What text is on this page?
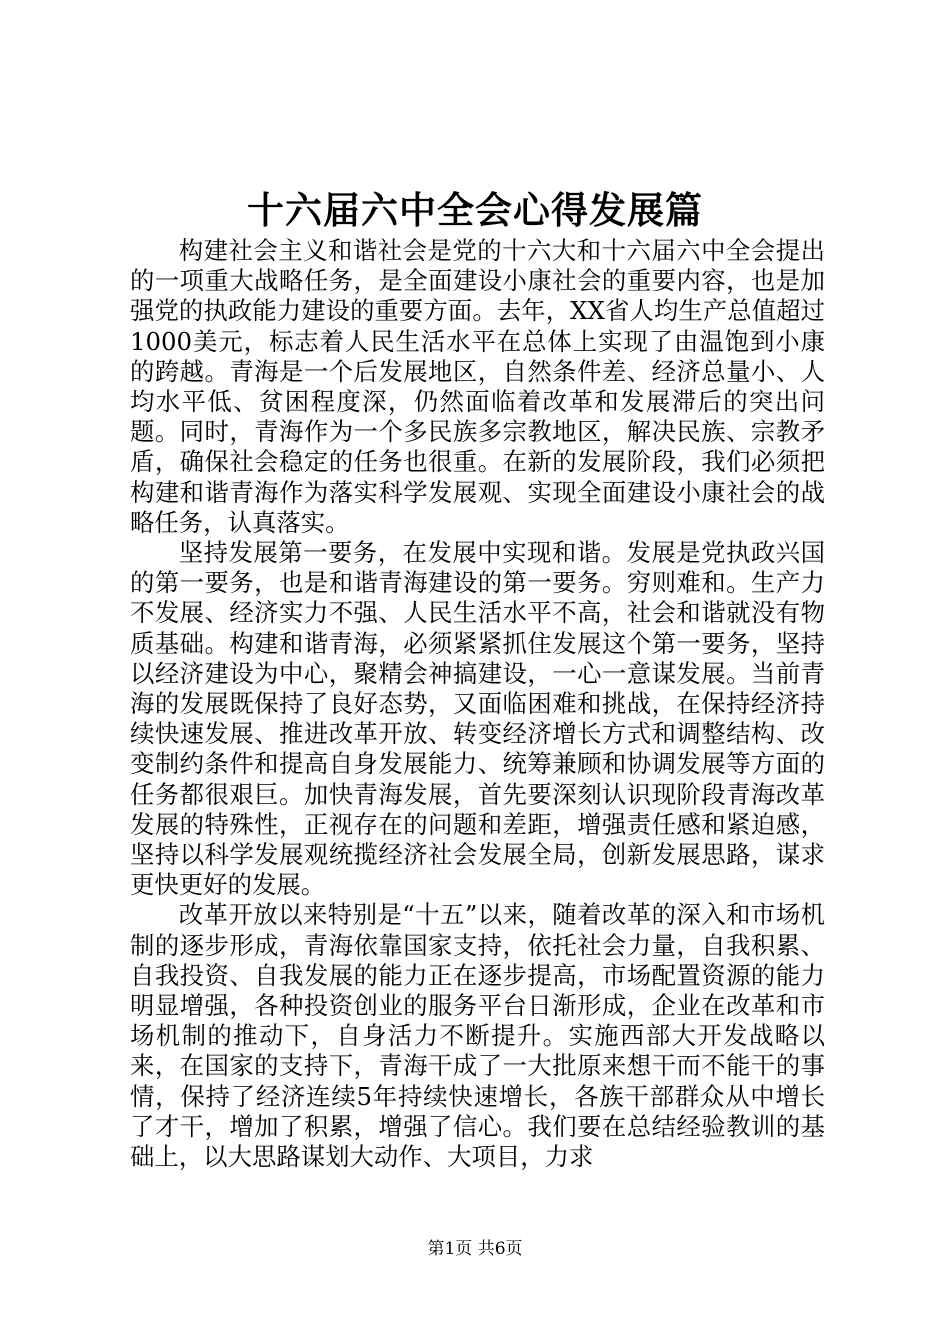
十六届六中全会心得发展篇

构建社会主义和谐社会是党的十六大和十六届六中全会提出的一项重大战略任务，是全面建设小康社会的重要内容，也是加强党的执政能力建设的重要方面。去年，XX省人均生产总值超过1000美元，标志着人民生活水平在总体上实现了由温饱到小康的跨越。青海是一个后发展地区，自然条件差、经济总量小、人均水平低、贫困程度深，仍然面临着改革和发展滞后的突出问题。同时，青海作为一个多民族多宗教地区，解决民族、宗教矛盾，确保社会稳定的任务也很重。在新的发展阶段，我们必须把构建和谐青海作为落实科学发展观、实现全面建设小康社会的战略任务，认真落实。

坚持发展第一要务，在发展中实现和谐。发展是党执政兴国的第一要务，也是和谐青海建设的第一要务。穷则难和。生产力不发展、经济实力不强、人民生活水平不高，社会和谐就没有物质基础。构建和谐青海，必须紧紧抓住发展这个第一要务，坚持以经济建设为中心，聚精会神搞建设，一心一意谋发展。当前青海的发展既保持了良好态势，又面临困难和挑战，在保持经济持续快速发展、推进改革开放、转变经济增长方式和调整结构、改变制约条件和提高自身发展能力、统筹兼顾和协调发展等方面的任务都很艰巨。加快青海发展，首先要深刻认识现阶段青海改革发展的特殊性，正视存在的问题和差距，增强责任感和紧迫感，坚持以科学发展观统揽经济社会发展全局，创新发展思路，谋求更快更好的发展。

改革开放以来特别是“十五”以来，随着改革的深入和市场机制的逐步形成，青海依靠国家支持，依托社会力量，自我积累、自我投资、自我发展的能力正在逐步提高，市场配置资源的能力明显增强，各种投资创业的服务平台日渐形成，企业在改革和市场机制的推动下，自身活力不断提升。实施西部大开发战略以来，在国家的支持下，青海干成了一大批原来想干而不能干的事情，保持了经济连续5年持续快速增长，各族干部群众从中增长了才干，增加了积累，增强了信心。我们要在总结经验教训的基础上，以大思路谋划大动作、大项目，力求

第1页 共6页
